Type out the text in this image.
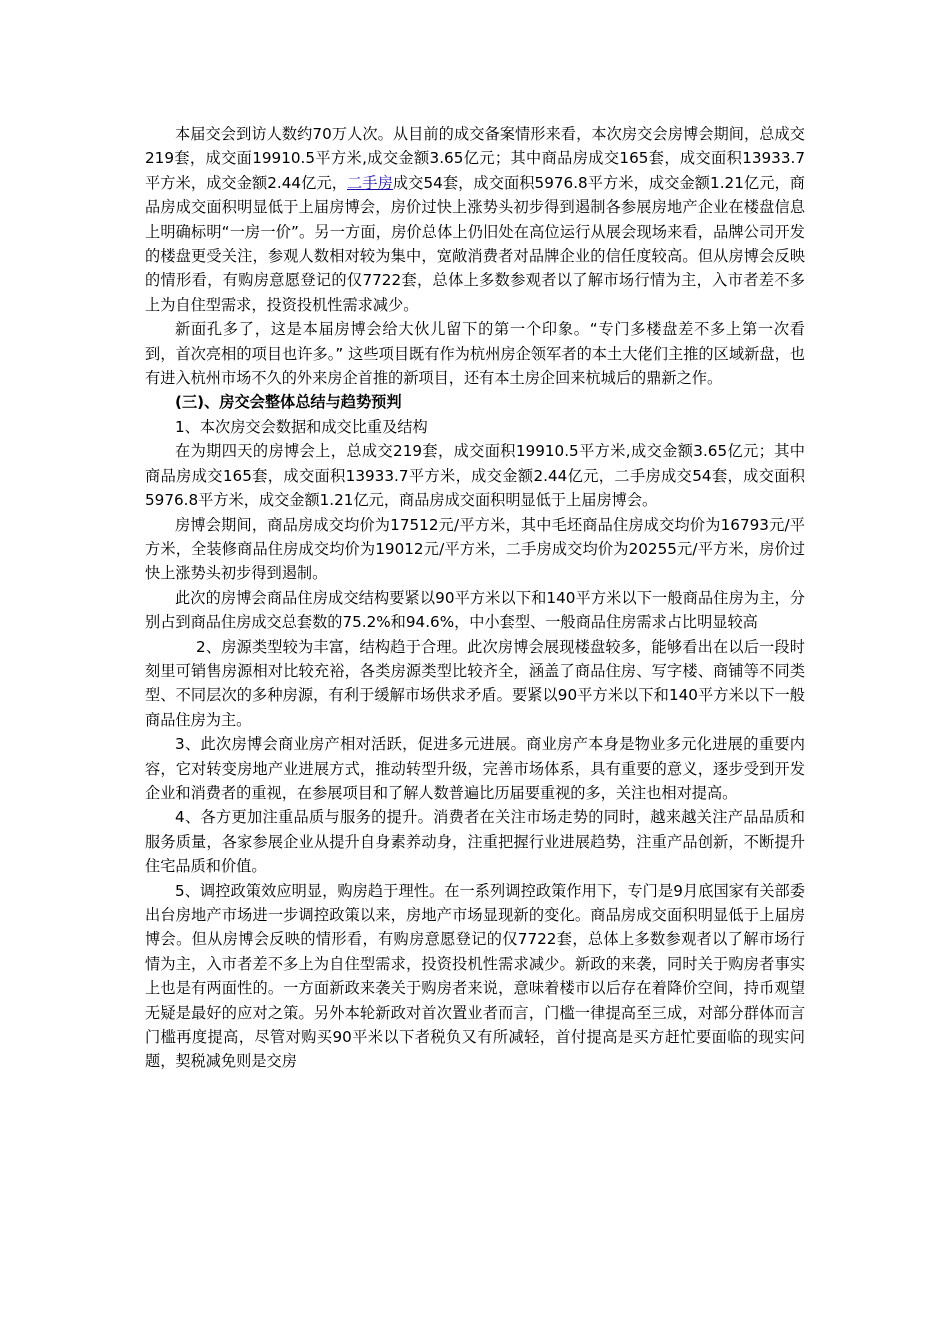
本届交会到访人数约70万人次。从目前的成交备案情形来看，本次房交会房博会期间，总成交219套，成交面19910.5平方米,成交金额3.65亿元；其中商品房成交165套，成交面积13933.7平方米，成交金额2.44亿元，二手房成交54套，成交面积5976.8平方米，成交金额1.21亿元，商品房成交面积明显低于上届房博会，房价过快上涨势头初步得到遏制各参展房地产企业在楼盘信息上明确标明“一房一价”。另一方面，房价总体上仍旧处在高位运行从展会现场来看，品牌公司开发的楼盘更受关注，参观人数相对较为集中，宽敞消费者对品牌企业的信任度较高。但从房博会反映的情形看，有购房意愿登记的仅7722套，总体上多数参观者以了解市场行情为主，入市者差不多上为自住型需求，投资投机性需求减少。

新面孔多了，这是本届房博会给大伙儿留下的第一个印象。“专门多楼盘差不多上第一次看到，首次亮相的项目也许多。” 这些项目既有作为杭州房企领军者的本土大佬们主推的区域新盘，也有进入杭州市场不久的外来房企首推的新项目，还有本土房企回来杭城后的鼎新之作。

(三)、房交会整体总结与趋势预判

1、本次房交会数据和成交比重及结构

在为期四天的房博会上，总成交219套，成交面积19910.5平方米,成交金额3.65亿元；其中商品房成交165套，成交面积13933.7平方米，成交金额2.44亿元，二手房成交54套，成交面积5976.8平方米，成交金额1.21亿元，商品房成交面积明显低于上届房博会。

房博会期间，商品房成交均价为17512元/平方米，其中毛坯商品住房成交均价为16793元/平方米，全装修商品住房成交均价为19012元/平方米，二手房成交均价为20255元/平方米，房价过快上涨势头初步得到遏制。

此次的房博会商品住房成交结构要紧以90平方米以下和140平方米以下一般商品住房为主，分别占到商品住房成交总套数的75.2%和94.6%，中小套型、一般商品住房需求占比明显较高

2、房源类型较为丰富，结构趋于合理。此次房博会展现楼盘较多，能够看出在以后一段时刻里可销售房源相对比较充裕，各类房源类型比较齐全，涵盖了商品住房、写字楼、商铺等不同类型、不同层次的多种房源，有利于缓解市场供求矛盾。要紧以90平方米以下和140平方米以下一般商品住房为主。

3、此次房博会商业房产相对活跃，促进多元进展。商业房产本身是物业多元化进展的重要内容，它对转变房地产业进展方式，推动转型升级，完善市场体系，具有重要的意义，逐步受到开发企业和消费者的重视，在参展项目和了解人数普遍比历届要重视的多，关注也相对提高。

4、各方更加注重品质与服务的提升。消费者在关注市场走势的同时，越来越关注产品品质和服务质量，各家参展企业从提升自身素养动身，注重把握行业进展趋势，注重产品创新，不断提升住宅品质和价值。

5、调控政策效应明显，购房趋于理性。在一系列调控政策作用下，专门是9月底国家有关部委出台房地产市场进一步调控政策以来，房地产市场显现新的变化。商品房成交面积明显低于上届房博会。但从房博会反映的情形看，有购房意愿登记的仅7722套，总体上多数参观者以了解市场行情为主，入市者差不多上为自住型需求，投资投机性需求减少。新政的来袭，同时关于购房者事实上也是有两面性的。一方面新政来袭关于购房者来说，意味着楼市以后存在着降价空间，持币观望无疑是最好的应对之策。另外本轮新政对首次置业者而言，门槛一律提高至三成，对部分群体而言门槛再度提高，尽管对购买90平米以下者税负又有所减轻，首付提高是买方赶忙要面临的现实问题，契税减免则是交房
